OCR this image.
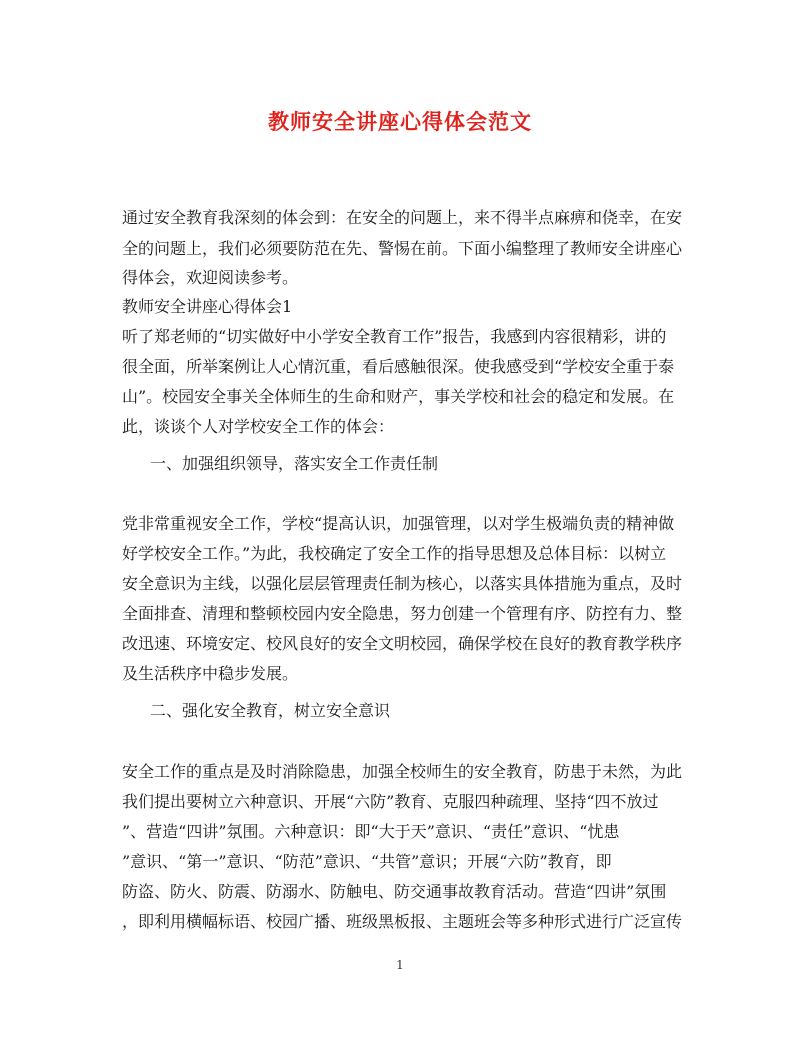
教师安全讲座心得体会范文
通过安全教育我深刻的体会到：在安全的问题上，来不得半点麻痹和侥幸，在安
全的问题上，我们必须要防范在先、警惕在前。下面小编整理了教师安全讲座心
得体会，欢迎阅读参考。
教师安全讲座心得体会1
听了郑老师的“切实做好中小学安全教育工作”报告，我感到内容很精彩，讲的
很全面，所举案例让人心情沉重，看后感触很深。使我感受到“学校安全重于泰
山”。校园安全事关全体师生的生命和财产，事关学校和社会的稳定和发展。在
此，谈谈个人对学校安全工作的体会：
一、加强组织领导，落实安全工作责任制
党非常重视安全工作，学校“提高认识，加强管理，以对学生极端负责的精神做
好学校安全工作。”为此，我校确定了安全工作的指导思想及总体目标：以树立
安全意识为主线，以强化层层管理责任制为核心，以落实具体措施为重点，及时
全面排查、清理和整顿校园内安全隐患，努力创建一个管理有序、防控有力、整
改迅速、环境安定、校风良好的安全文明校园，确保学校在良好的教育教学秩序
及生活秩序中稳步发展。
二、强化安全教育，树立安全意识
安全工作的重点是及时消除隐患，加强全校师生的安全教育，防患于未然，为此
我们提出要树立六种意识、开展“六防”教育、克服四种疏理、坚持“四不放过
”、营造“四讲”氛围。六种意识：即“大于天”意识、“责任”意识、“忧患
”意识、“第一”意识、“防范”意识、“共管”意识；开展“六防”教育，即
防盗、防火、防震、防溺水、防触电、防交通事故教育活动。营造“四讲”氛围
，即利用横幅标语、校园广播、班级黑板报、主题班会等多种形式进行广泛宣传
1
